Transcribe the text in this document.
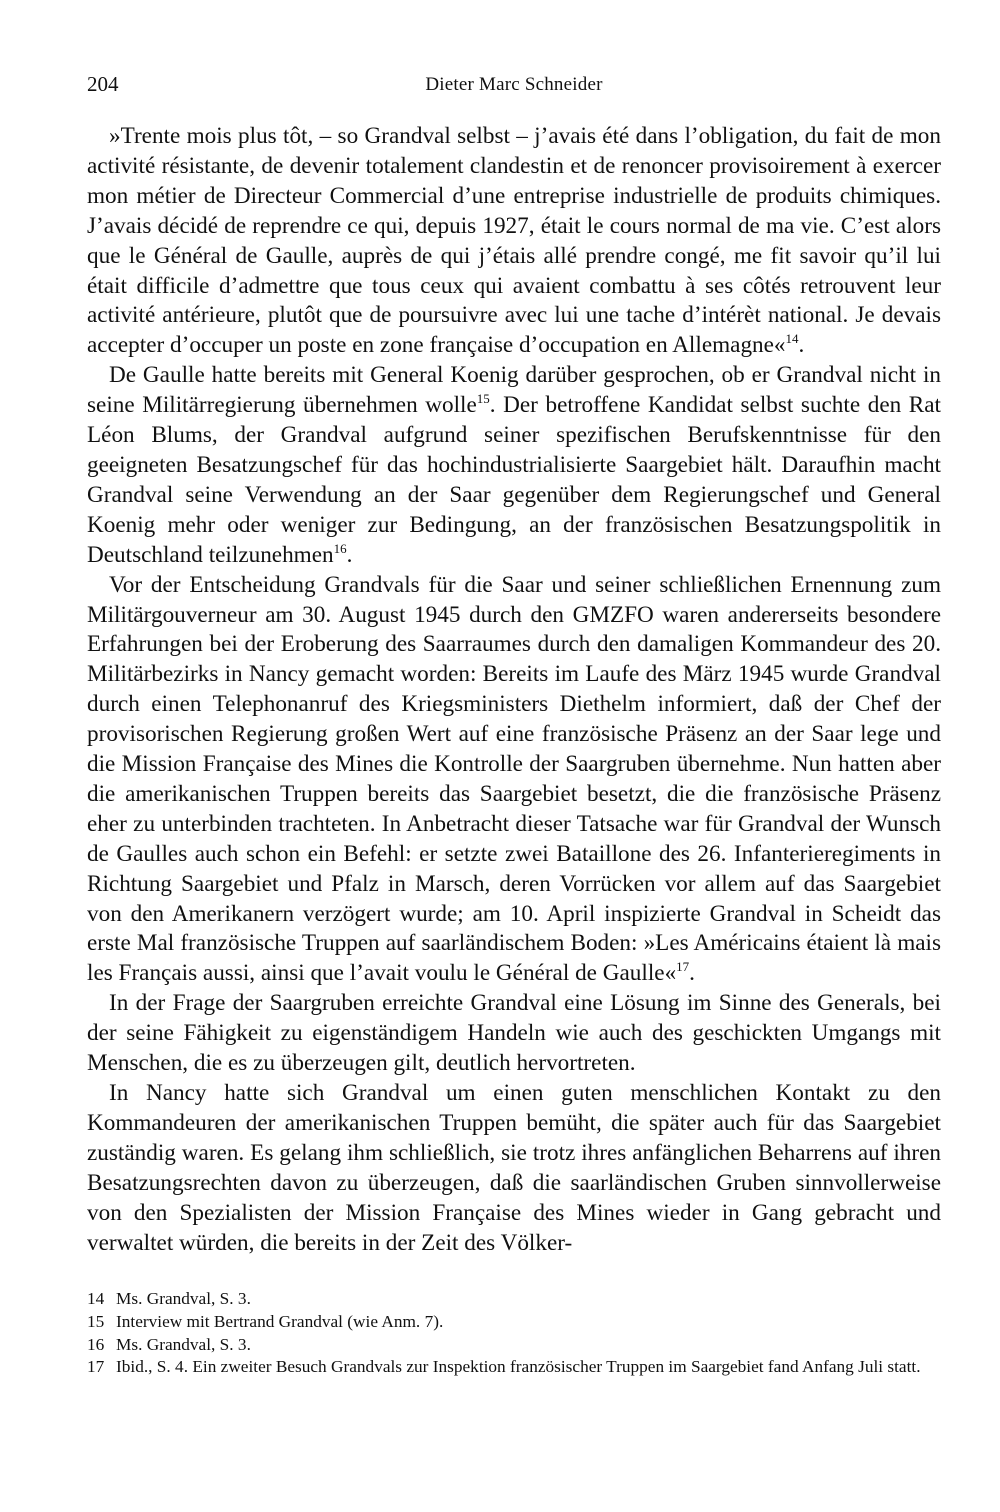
204	Dieter Marc Schneider

»Trente mois plus tôt, – so Grandval selbst – j’avais été dans l’obligation, du fait de mon activité résistante, de devenir totalement clandestin et de renoncer provisoirement à exercer mon métier de Directeur Commercial d’une entreprise industrielle de produits chimiques. J’avais décidé de reprendre ce qui, depuis 1927, était le cours normal de ma vie. C’est alors que le Général de Gaulle, auprès de qui j’étais allé prendre congé, me fit savoir qu’il lui était difficile d’admettre que tous ceux qui avaient combattu à ses côtés retrouvent leur activité antérieure, plutôt que de poursuivre avec lui une tache d’intérèt national. Je devais accepter d’occuper un poste en zone française d’occupation en Allemagne«$^{14}$.

De Gaulle hatte bereits mit General Koenig darüber gesprochen, ob er Grandval nicht in seine Militärregierung übernehmen wolle$^{15}$. Der betroffene Kandidat selbst suchte den Rat Léon Blums, der Grandval aufgrund seiner spezifischen Berufskenntnisse für den geeigneten Besatzungschef für das hochindustrialisierte Saargebiet hält. Daraufhin macht Grandval seine Verwendung an der Saar gegenüber dem Regierungschef und General Koenig mehr oder weniger zur Bedingung, an der französischen Besatzungspolitik in Deutschland teilzunehmen$^{16}$.

Vor der Entscheidung Grandvals für die Saar und seiner schließlichen Ernennung zum Militärgouverneur am 30. August 1945 durch den GMZFO waren andererseits besondere Erfahrungen bei der Eroberung des Saarraumes durch den damaligen Kommandeur des 20. Militärbezirks in Nancy gemacht worden: Bereits im Laufe des März 1945 wurde Grandval durch einen Telephonanruf des Kriegsministers Diethelm informiert, daß der Chef der provisorischen Regierung großen Wert auf eine französische Präsenz an der Saar lege und die Mission Française des Mines die Kontrolle der Saargruben übernehme. Nun hatten aber die amerikanischen Truppen bereits das Saargebiet besetzt, die die französische Präsenz eher zu unterbinden trachteten. In Anbetracht dieser Tatsache war für Grandval der Wunsch de Gaulles auch schon ein Befehl: er setzte zwei Bataillone des 26. Infanterieregiments in Richtung Saargebiet und Pfalz in Marsch, deren Vorrücken vor allem auf das Saargebiet von den Amerikanern verzögert wurde; am 10. April inspizierte Grandval in Scheidt das erste Mal französische Truppen auf saarländischem Boden: »Les Américains étaient là mais les Français aussi, ainsi que l’avait voulu le Général de Gaulle«$^{17}$.

In der Frage der Saargruben erreichte Grandval eine Lösung im Sinne des Generals, bei der seine Fähigkeit zu eigenständigem Handeln wie auch des geschickten Umgangs mit Menschen, die es zu überzeugen gilt, deutlich hervortreten.

In Nancy hatte sich Grandval um einen guten menschlichen Kontakt zu den Kommandeuren der amerikanischen Truppen bemüht, die später auch für das Saargebiet zuständig waren. Es gelang ihm schließlich, sie trotz ihres anfänglichen Beharrens auf ihren Besatzungsrechten davon zu überzeugen, daß die saarländischen Gruben sinnvollerweise von den Spezialisten der Mission Française des Mines wieder in Gang gebracht und verwaltet würden, die bereits in der Zeit des Völker-

14 Ms. Grandval, S. 3.
15 Interview mit Bertrand Grandval (wie Anm. 7).
16 Ms. Grandval, S. 3.
17 Ibid., S. 4. Ein zweiter Besuch Grandvals zur Inspektion französischer Truppen im Saargebiet fand Anfang Juli statt.
